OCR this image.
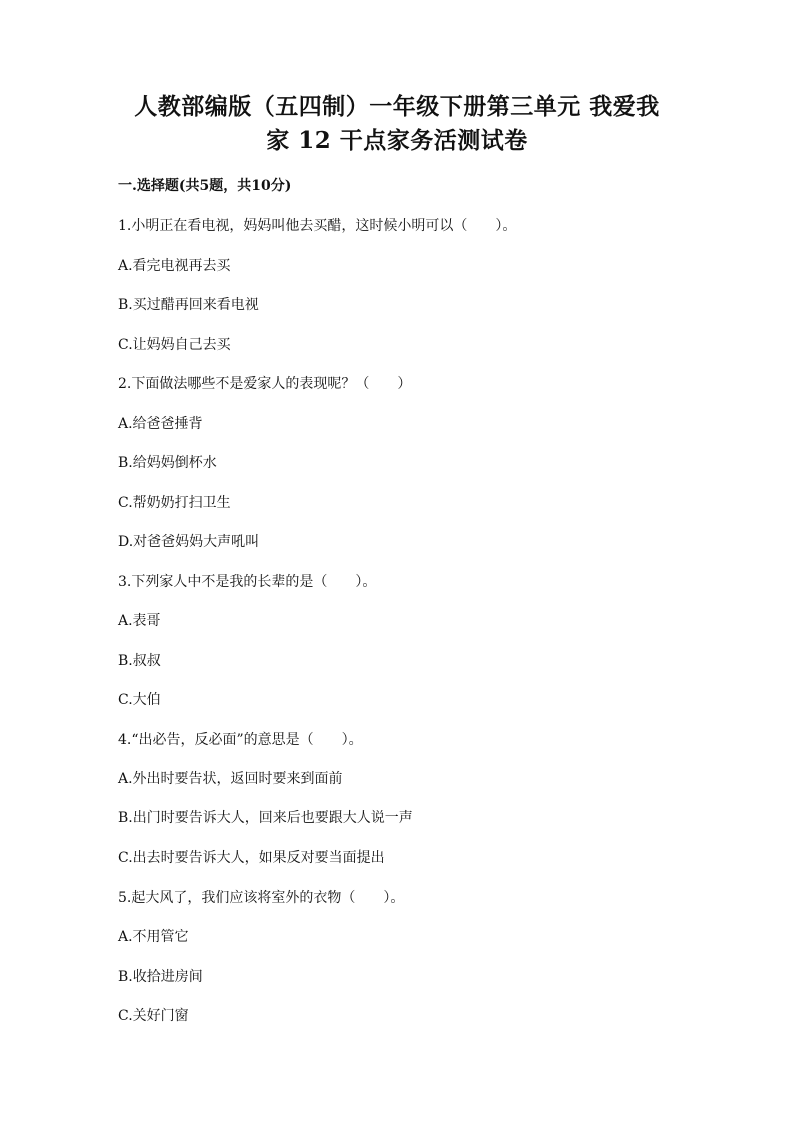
人教部编版（五四制）一年级下册第三单元 我爱我
家 12 干点家务活测试卷
一.选择题(共5题，共10分)
1.小明正在看电视，妈妈叫他去买醋，这时候小明可以（　　）。
A.看完电视再去买
B.买过醋再回来看电视
C.让妈妈自己去买
2.下面做法哪些不是爱家人的表现呢？（　　）
A.给爸爸捶背
B.给妈妈倒杯水
C.帮奶奶打扫卫生
D.对爸爸妈妈大声吼叫
3.下列家人中不是我的长辈的是（　　）。
A.表哥
B.叔叔
C.大伯
4.“出必告，反必面”的意思是（　　）。
A.外出时要告状，返回时要来到面前
B.出门时要告诉大人，回来后也要跟大人说一声
C.出去时要告诉大人，如果反对要当面提出
5.起大风了，我们应该将室外的衣物（　　）。
A.不用管它
B.收拾进房间
C.关好门窗
